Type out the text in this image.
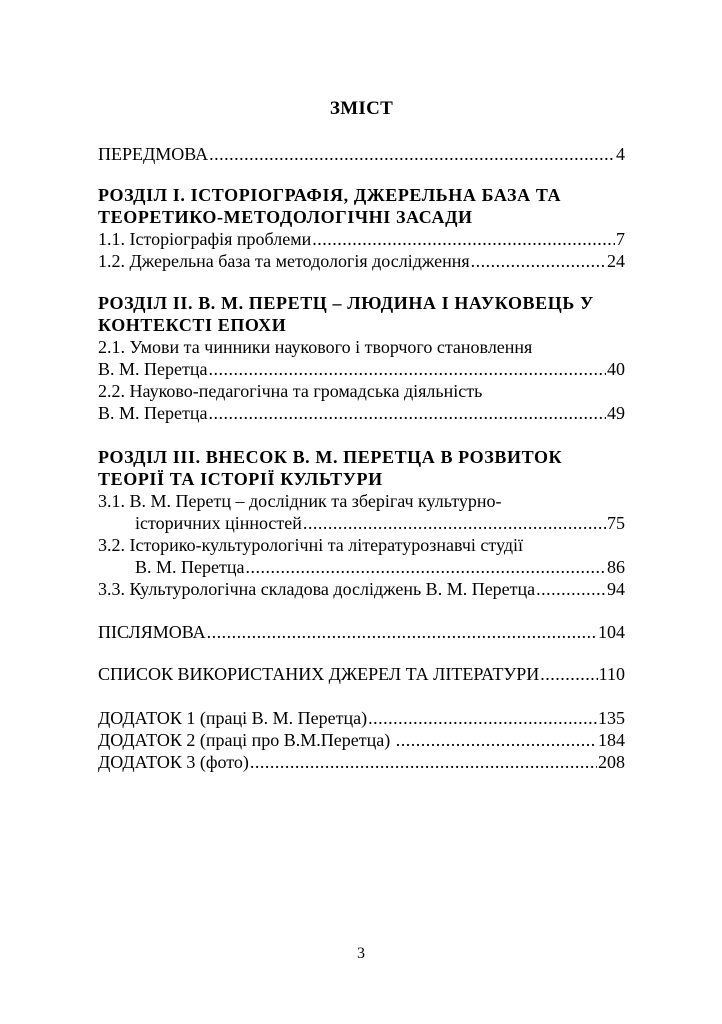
ЗМІСТ
ПЕРЕДМОВА .....	4
РОЗДІЛ І. ІСТОРІОГРАФІЯ, ДЖЕРЕЛЬНА БАЗА ТА
ТЕОРЕТИКО-МЕТОДОЛОГІЧНІ ЗАСАДИ
1.1. Історіографія проблеми .....	7
1.2. Джерельна база та методологія дослідження .....	24
РОЗДІЛ ІІ. В. М. ПЕРЕТЦ – ЛЮДИНА І НАУКОВЕЦЬ У
КОНТЕКСТІ ЕПОХИ
2.1. Умови та чинники наукового і творчого становлення
В. М. Перетца .....	40
2.2. Науково-педагогічна та громадська діяльність
В. М. Перетца .....	49
РОЗДІЛ ІІІ. ВНЕСОК В. М. ПЕРЕТЦА В РОЗВИТОК
ТЕОРІЇ ТА ІСТОРІЇ КУЛЬТУРИ
3.1. В. М. Перетц – дослідник та зберігач культурно-
історичних цінностей .....	75
3.2. Історико-культурологічні та літературознавчі студії
В. М. Перетца .....	86
3.3. Культурологічна складова досліджень В. М. Перетца .....	94
ПІСЛЯМОВА .....	104
СПИСОК ВИКОРИСТАНИХ ДЖЕРЕЛ ТА ЛІТЕРАТУРИ .....	110
ДОДАТОК 1 (праці В. М. Перетца) .....	135
ДОДАТОК 2 (праці про В.М.Перетца) .....	184
ДОДАТОК 3 (фото) .....	208
3
